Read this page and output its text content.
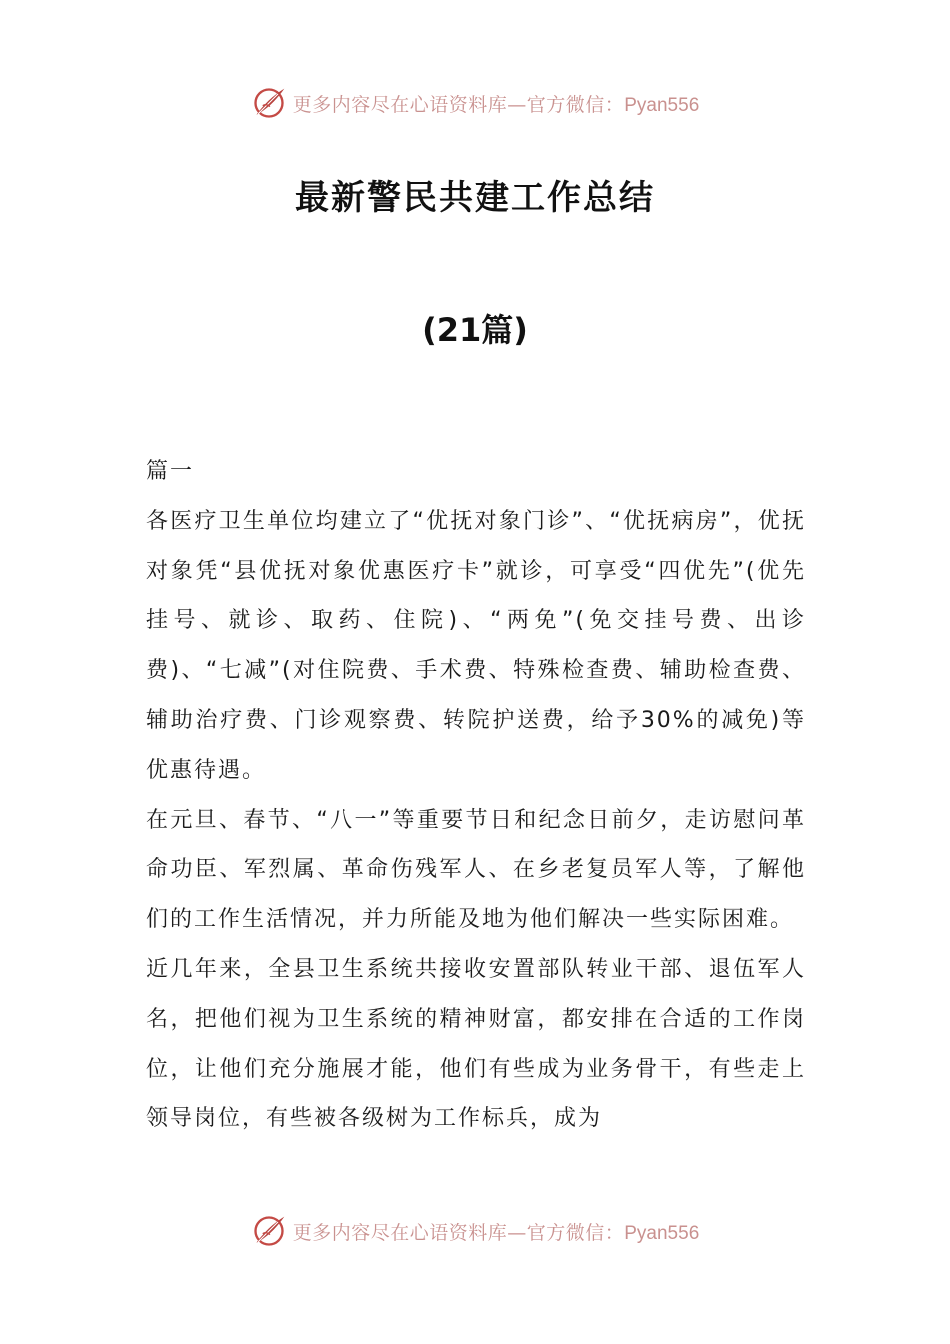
更多内容尽在心语资料库—官方微信：Pyan556
最新警民共建工作总结
(21篇)

篇一

各医疗卫生单位均建立了“优抚对象门诊”、“优抚病房”，优抚对象凭“县优抚对象优惠医疗卡”就诊，可享受“四优先”(优先挂号、就诊、取药、住院)、“两免”(免交挂号费、出诊费)、“七减”(对住院费、手术费、特殊检查费、辅助检查费、辅助治疗费、门诊观察费、转院护送费，给予30%的减免)等优惠待遇。

在元旦、春节、“八一”等重要节日和纪念日前夕，走访慰问革命功臣、军烈属、革命伤残军人、在乡老复员军人等，了解他们的工作生活情况，并力所能及地为他们解决一些实际困难。

近几年来，全县卫生系统共接收安置部队转业干部、退伍军人名，把他们视为卫生系统的精神财富，都安排在合适的工作岗位，让他们充分施展才能，他们有些成为业务骨干，有些走上领导岗位，有些被各级树为工作标兵，成为

更多内容尽在心语资料库—官方微信：Pyan556
